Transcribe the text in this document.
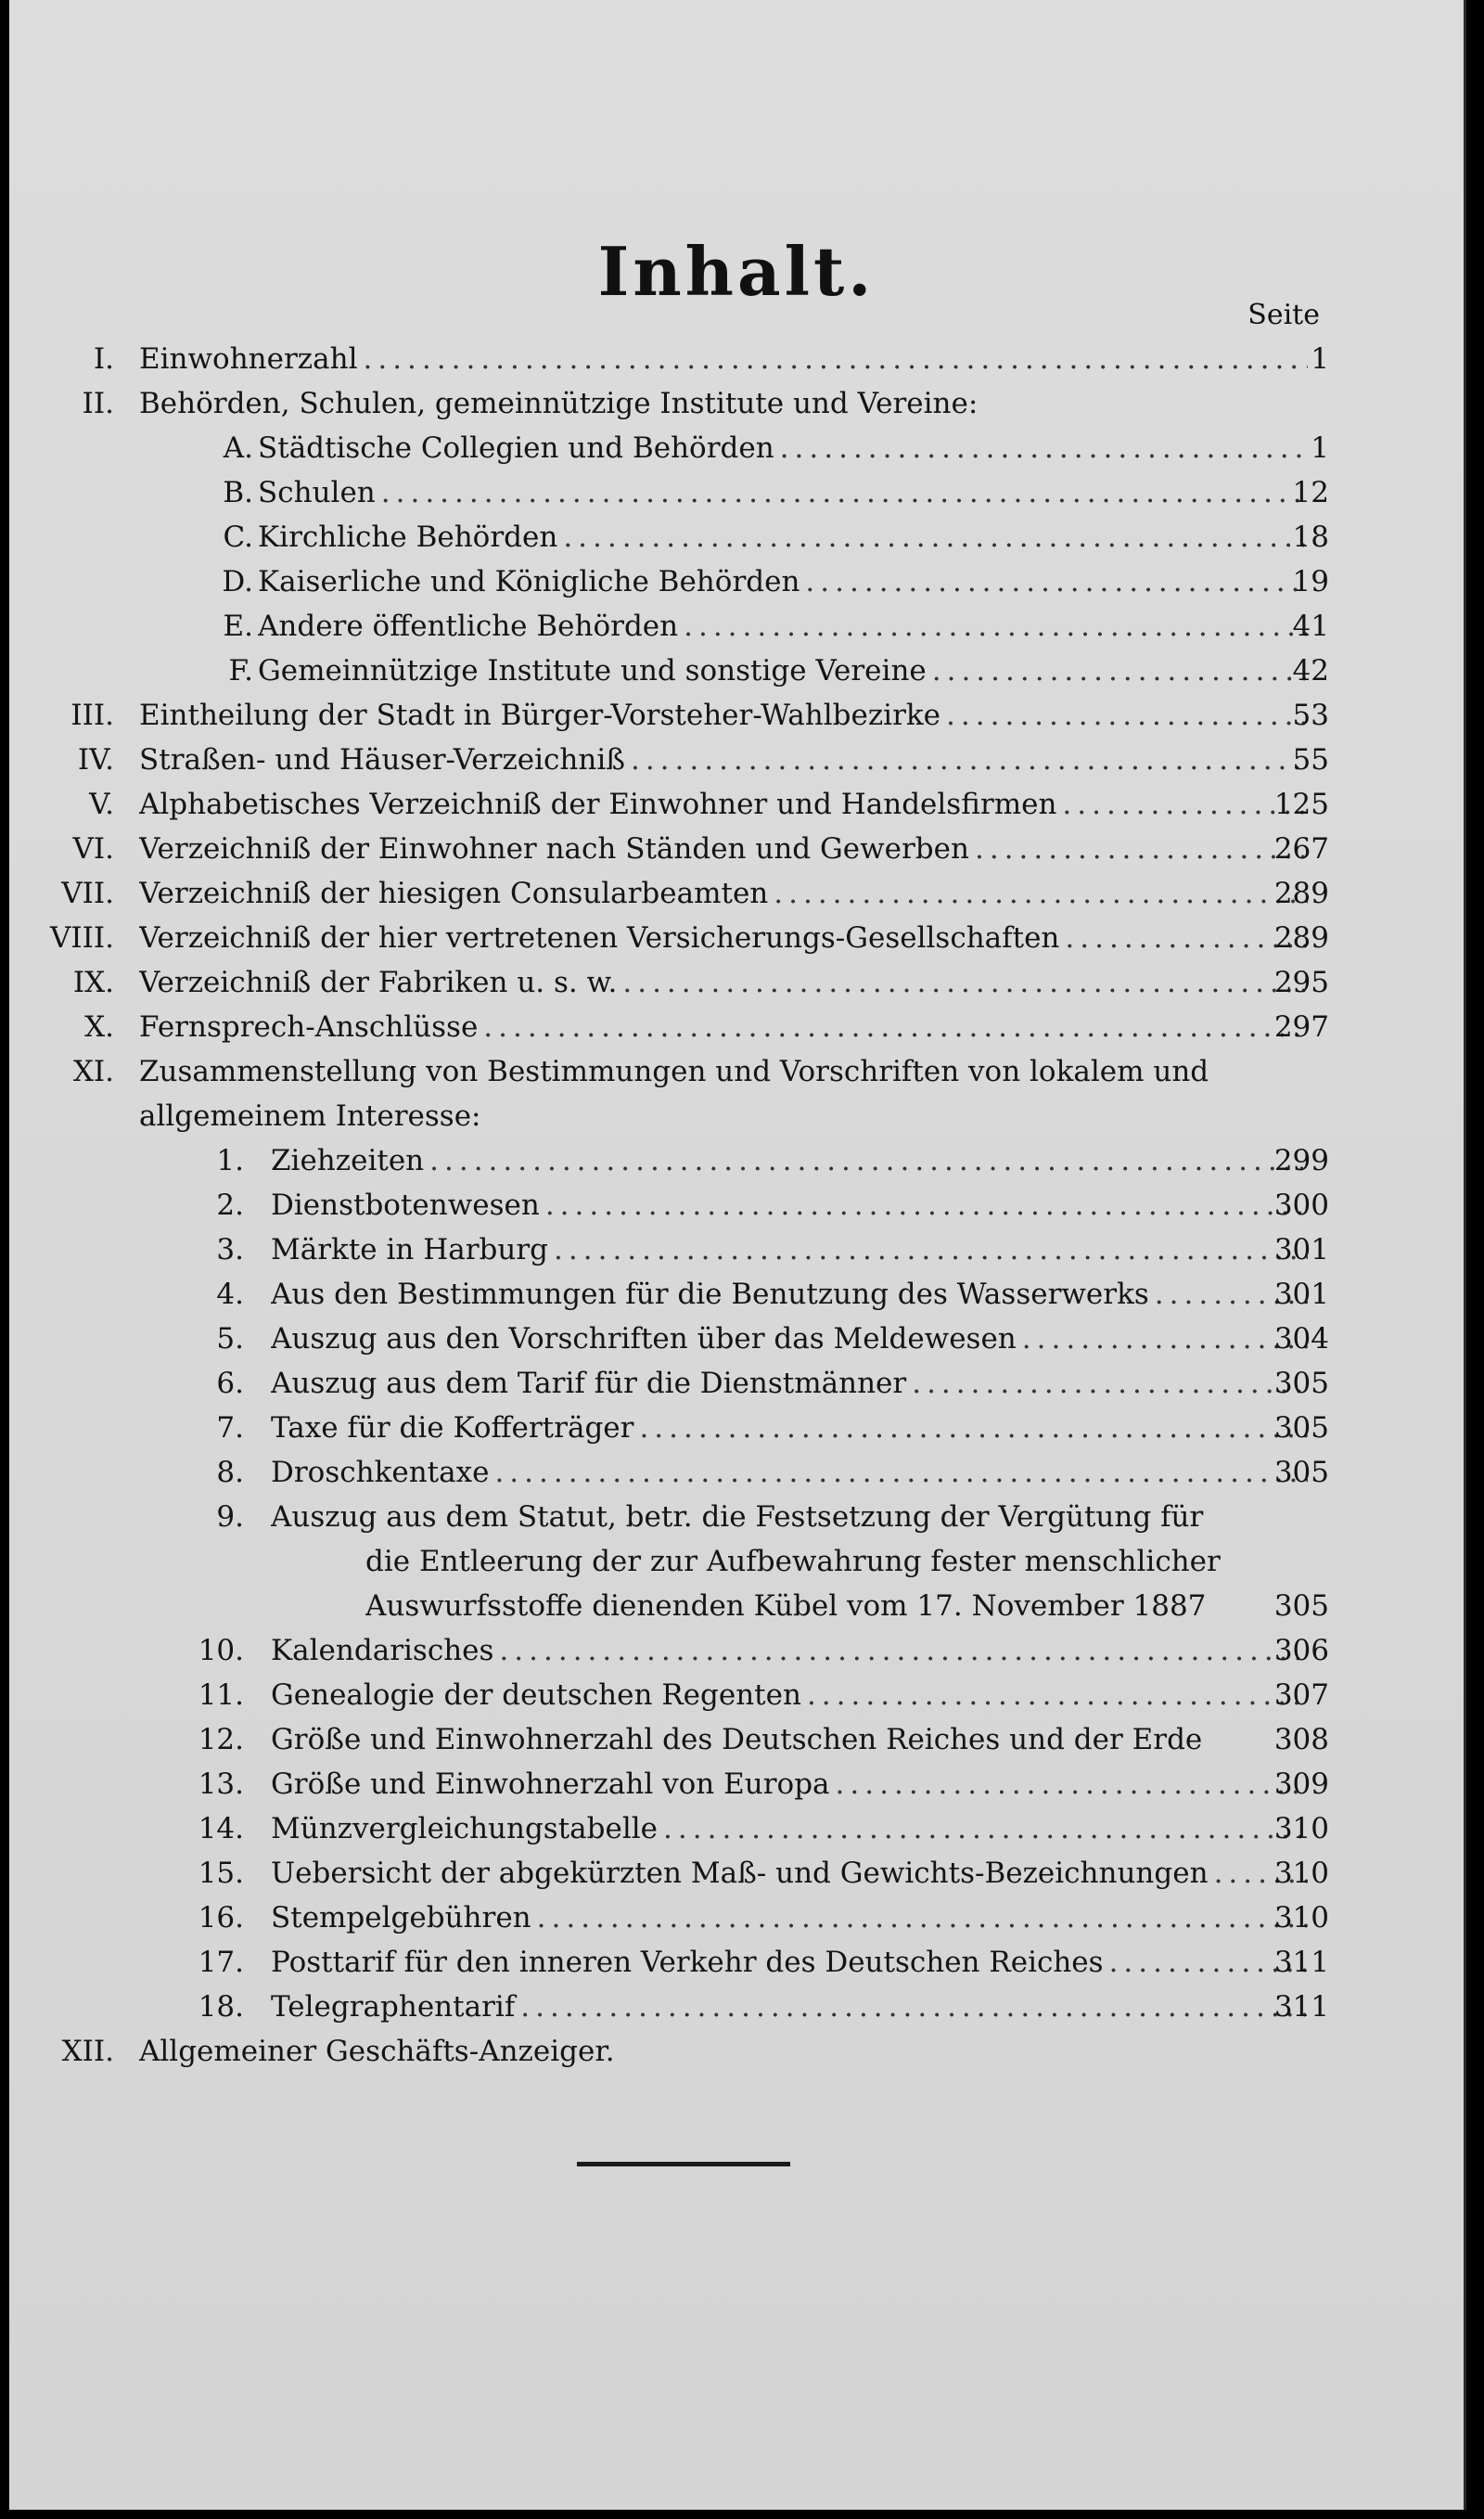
Inhalt.
Seite
I. Einwohnerzahl .....	1
II. Behörden, Schulen, gemeinnützige Institute und Vereine:
A. Städtische Collegien und Behörden .....	1
B. Schulen .....	12
C. Kirchliche Behörden .....	18
D. Kaiserliche und Königliche Behörden .....	19
E. Andere öffentliche Behörden .....	41
F. Gemeinnützige Institute und sonstige Vereine .....	42
III. Eintheilung der Stadt in Bürger-Vorsteher-Wahlbezirke .....	53
IV. Straßen- und Häuser-Verzeichniß .....	55
V. Alphabetisches Verzeichniß der Einwohner und Handelsfirmen .....	125
VI. Verzeichniß der Einwohner nach Ständen und Gewerben .....	267
VII. Verzeichniß der hiesigen Consularbeamten .....	289
VIII. Verzeichniß der hier vertretenen Versicherungs-Gesellschaften .....	289
IX. Verzeichniß der Fabriken u. s. w. .....	295
X. Fernsprech-Anschlüsse .....	297
XI. Zusammenstellung von Bestimmungen und Vorschriften von lokalem und
allgemeinem Interesse:
1. Ziehzeiten .....	299
2. Dienstbotenwesen .....	300
3. Märkte in Harburg .....	301
4. Aus den Bestimmungen für die Benutzung des Wasserwerks .....	301
5. Auszug aus den Vorschriften über das Meldewesen .....	304
6. Auszug aus dem Tarif für die Dienstmänner .....	305
7. Taxe für die Kofferträger .....	305
8. Droschkentaxe .....	305
9. Auszug aus dem Statut, betr. die Festsetzung der Vergütung für
die Entleerung der zur Aufbewahrung fester menschlicher
Auswurfsstoffe dienenden Kübel vom 17. November 1887	305
10. Kalendarisches .....	306
11. Genealogie der deutschen Regenten .....	307
12. Größe und Einwohnerzahl des Deutschen Reiches und der Erde	308
13. Größe und Einwohnerzahl von Europa .....	309
14. Münzvergleichungstabelle .....	310
15. Uebersicht der abgekürzten Maß- und Gewichts-Bezeichnungen .....	310
16. Stempelgebühren .....	310
17. Posttarif für den inneren Verkehr des Deutschen Reiches .....	311
18. Telegraphentarif .....	311
XII. Allgemeiner Geschäfts-Anzeiger.
